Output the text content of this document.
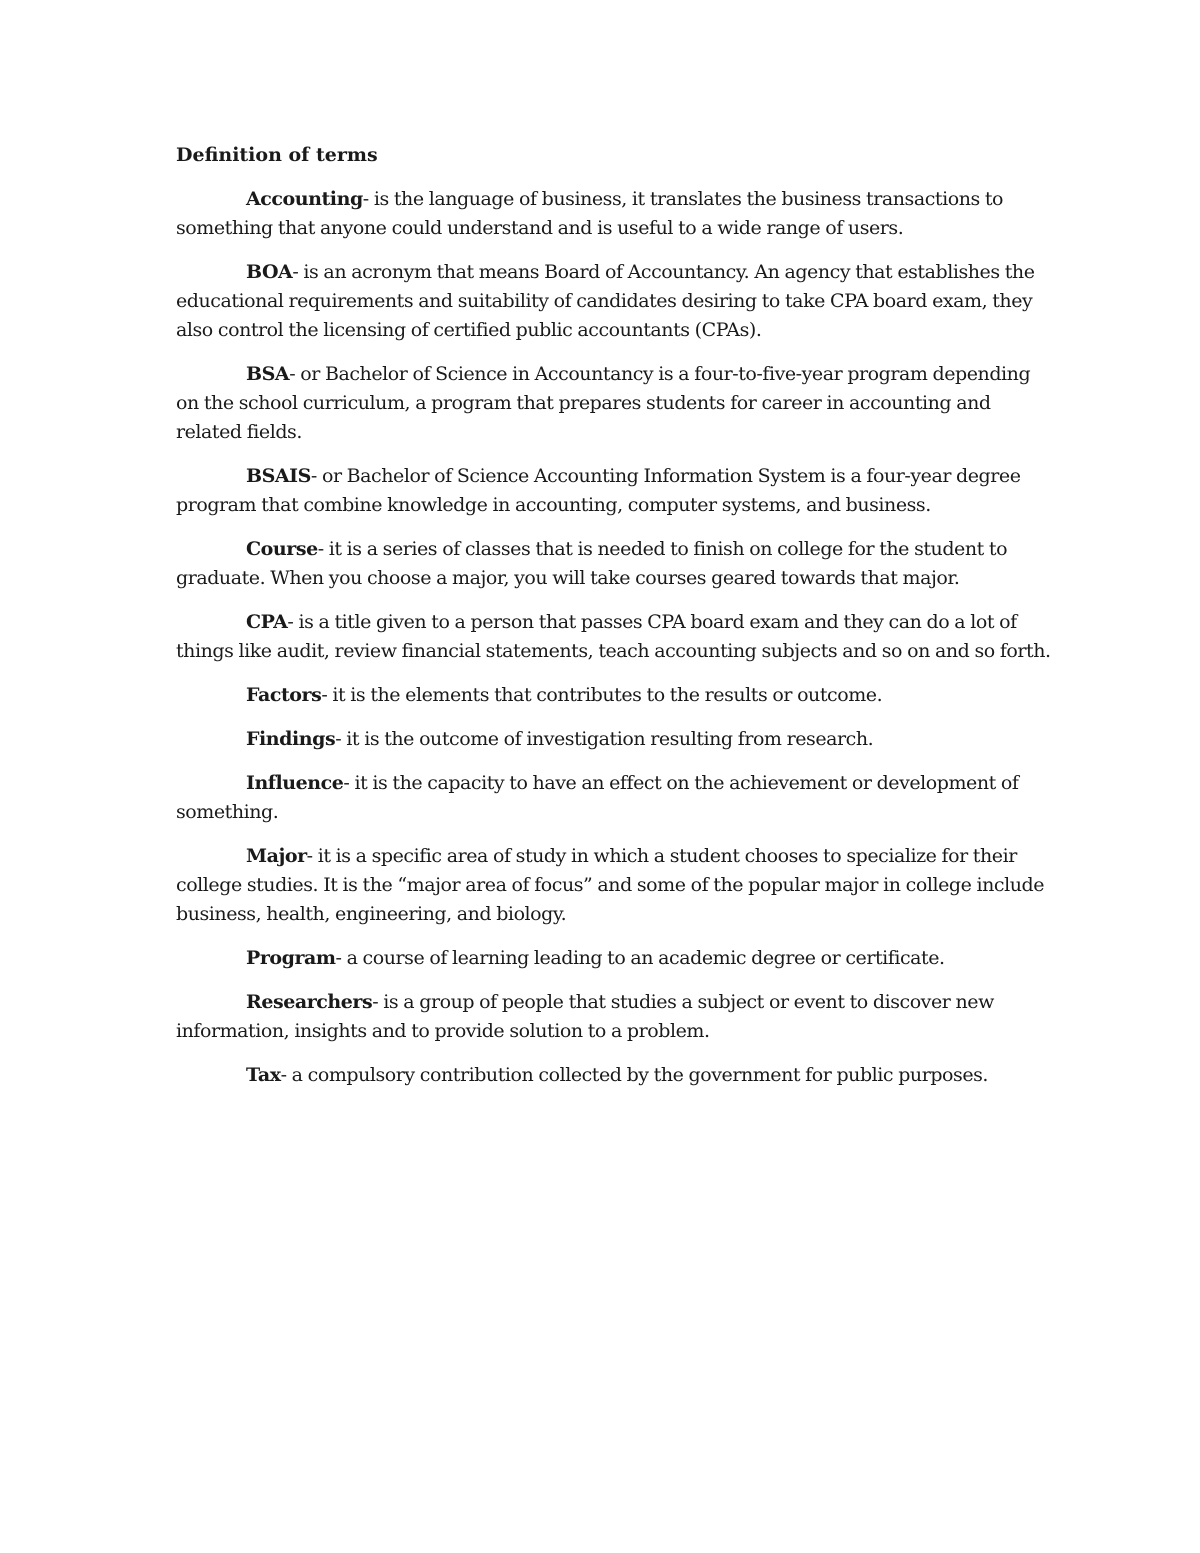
Definition of terms

Accounting- is the language of business, it translates the business transactions to something that anyone could understand and is useful to a wide range of users.

BOA- is an acronym that means Board of Accountancy. An agency that establishes the educational requirements and suitability of candidates desiring to take CPA board exam, they also control the licensing of certified public accountants (CPAs).

BSA- or Bachelor of Science in Accountancy is a four-to-five-year program depending on the school curriculum, a program that prepares students for career in accounting and related fields.

BSAIS- or Bachelor of Science Accounting Information System is a four-year degree program that combine knowledge in accounting, computer systems, and business.

Course- it is a series of classes that is needed to finish on college for the student to graduate. When you choose a major, you will take courses geared towards that major.

CPA- is a title given to a person that passes CPA board exam and they can do a lot of things like audit, review financial statements, teach accounting subjects and so on and so forth.

Factors- it is the elements that contributes to the results or outcome.

Findings- it is the outcome of investigation resulting from research.

Influence- it is the capacity to have an effect on the achievement or development of something.

Major- it is a specific area of study in which a student chooses to specialize for their college studies. It is the “major area of focus” and some of the popular major in college include business, health, engineering, and biology.

Program- a course of learning leading to an academic degree or certificate.

Researchers- is a group of people that studies a subject or event to discover new information, insights and to provide solution to a problem.

Tax- a compulsory contribution collected by the government for public purposes.
